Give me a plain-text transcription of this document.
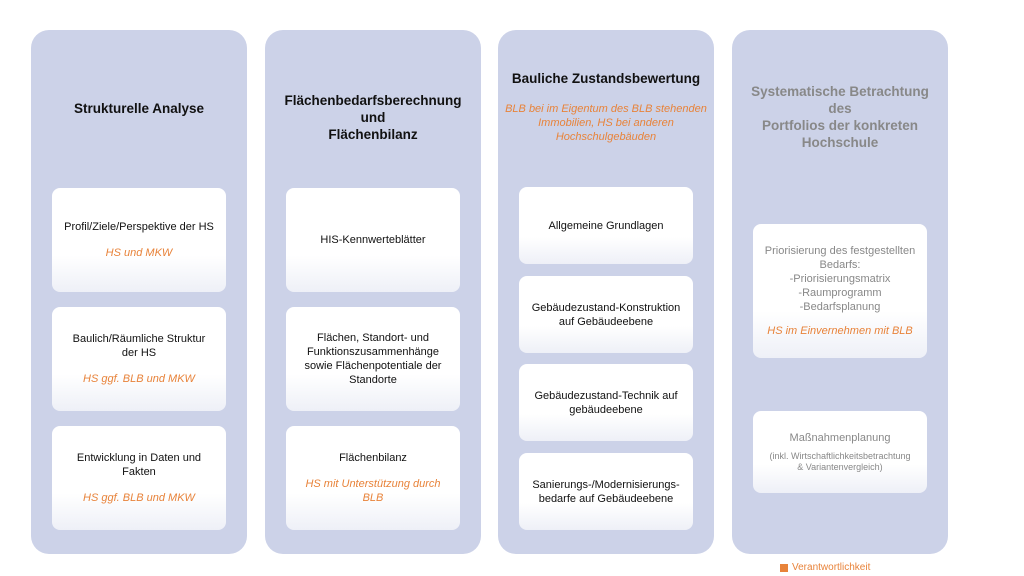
Strukturelle Analyse
Profil/Ziele/Perspektive der HS
HS und MKW
Baulich/Räumliche Struktur
der HS
HS ggf. BLB und MKW
Entwicklung in Daten und
Fakten
HS ggf. BLB und MKW
Flächenbedarfsberechnung und
Flächenbilanz
HIS-Kennwerteblätter
Flächen, Standort- und
Funktionszusammenhänge
sowie Flächenpotentiale der
Standorte
Flächenbilanz
HS mit Unterstützung durch
BLB
Bauliche Zustandsbewertung
BLB bei im Eigentum des BLB stehenden
Immobilien, HS bei anderen
Hochschulgebäuden
Allgemeine Grundlagen
Gebäudezustand-Konstruktion
auf Gebäudeebene
Gebäudezustand-Technik auf
gebäudeebene
Sanierungs-/Modernisierungs-
bedarfe auf Gebäudeebene
Systematische Betrachtung des
Portfolios der konkreten
Hochschule
Priorisierung des festgestellten
Bedarfs:
-Priorisierungsmatrix
-Raumprogramm
-Bedarfsplanung
HS im Einvernehmen mit BLB
Maßnahmenplanung
(inkl. Wirtschaftlichkeitsbetrachtung
& Variantenvergleich)
Verantwortlichkeit
